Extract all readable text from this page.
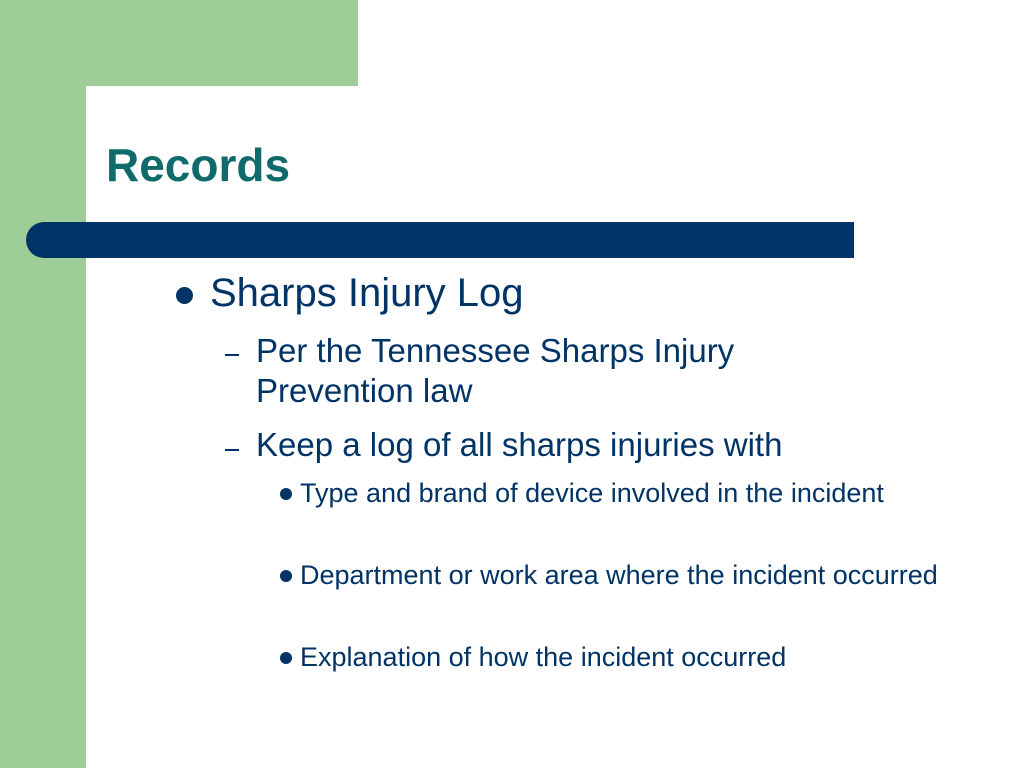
Records
Sharps Injury Log
Per the Tennessee Sharps Injury Prevention law
Keep a log of all sharps injuries with
Type and brand of device involved in the incident
Department or work area where the incident occurred
Explanation of how the incident occurred
